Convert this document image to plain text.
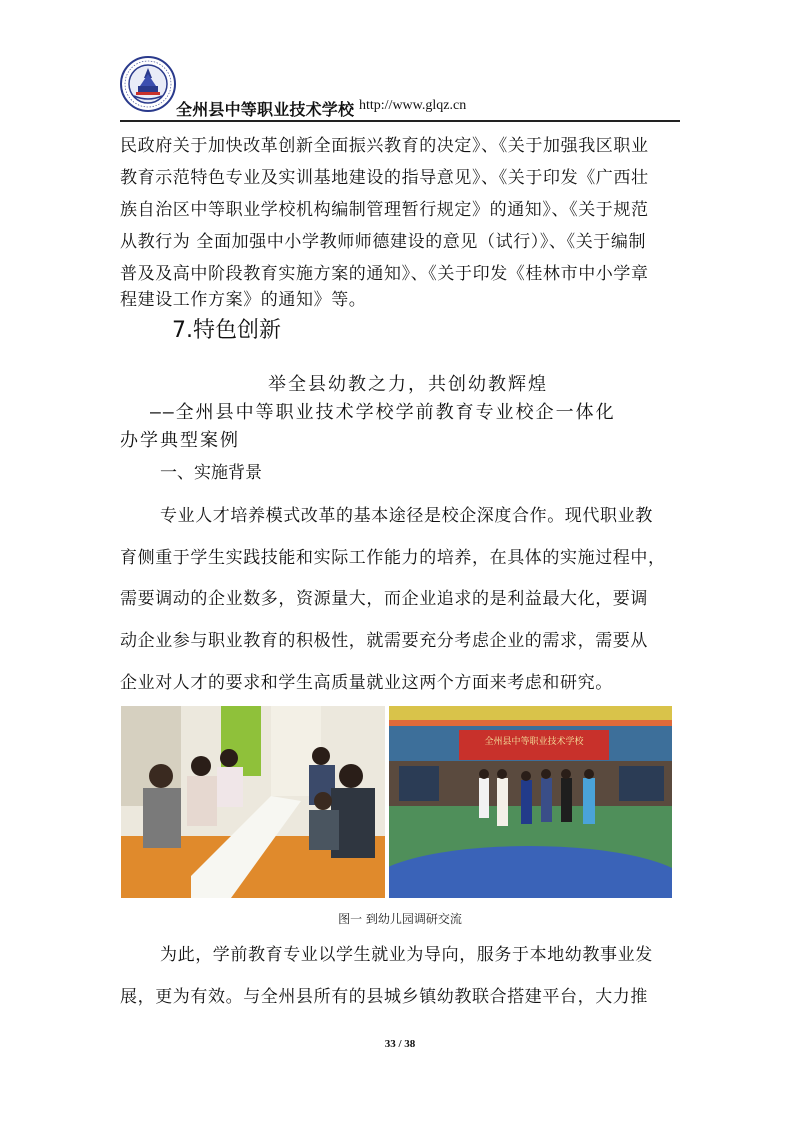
全州县中等职业技术学校 http://www.glqz.cn
民政府关于加快改革创新全面振兴教育的决定》、《关于加强我区职业
教育示范特色专业及实训基地建设的指导意见》、《关于印发《广西壮
族自治区中等职业学校机构编制管理暂行规定》的通知》、《关于规范
从教行为 全面加强中小学教师师德建设的意见（试行）》、《关于编制
普及及高中阶段教育实施方案的通知》、《关于印发《桂林市中小学章
程建设工作方案》的通知》等。
7.特色创新
举全县幼教之力，共创幼教辉煌
——全州县中等职业技术学校学前教育专业校企一体化
办学典型案例
一、实施背景
专业人才培养模式改革的基本途径是校企深度合作。现代职业教
育侧重于学生实践技能和实际工作能力的培养，在具体的实施过程中，
需要调动的企业数多，资源量大，而企业追求的是利益最大化，要调
动企业参与职业教育的积极性，就需要充分考虑企业的需求，需要从
企业对人才的要求和学生高质量就业这两个方面来考虑和研究。
全州县中等职业技术学校
图一 到幼儿园调研交流
为此，学前教育专业以学生就业为导向，服务于本地幼教事业发
展，更为有效。与全州县所有的县城乡镇幼教联合搭建平台，大力推
33 / 38
